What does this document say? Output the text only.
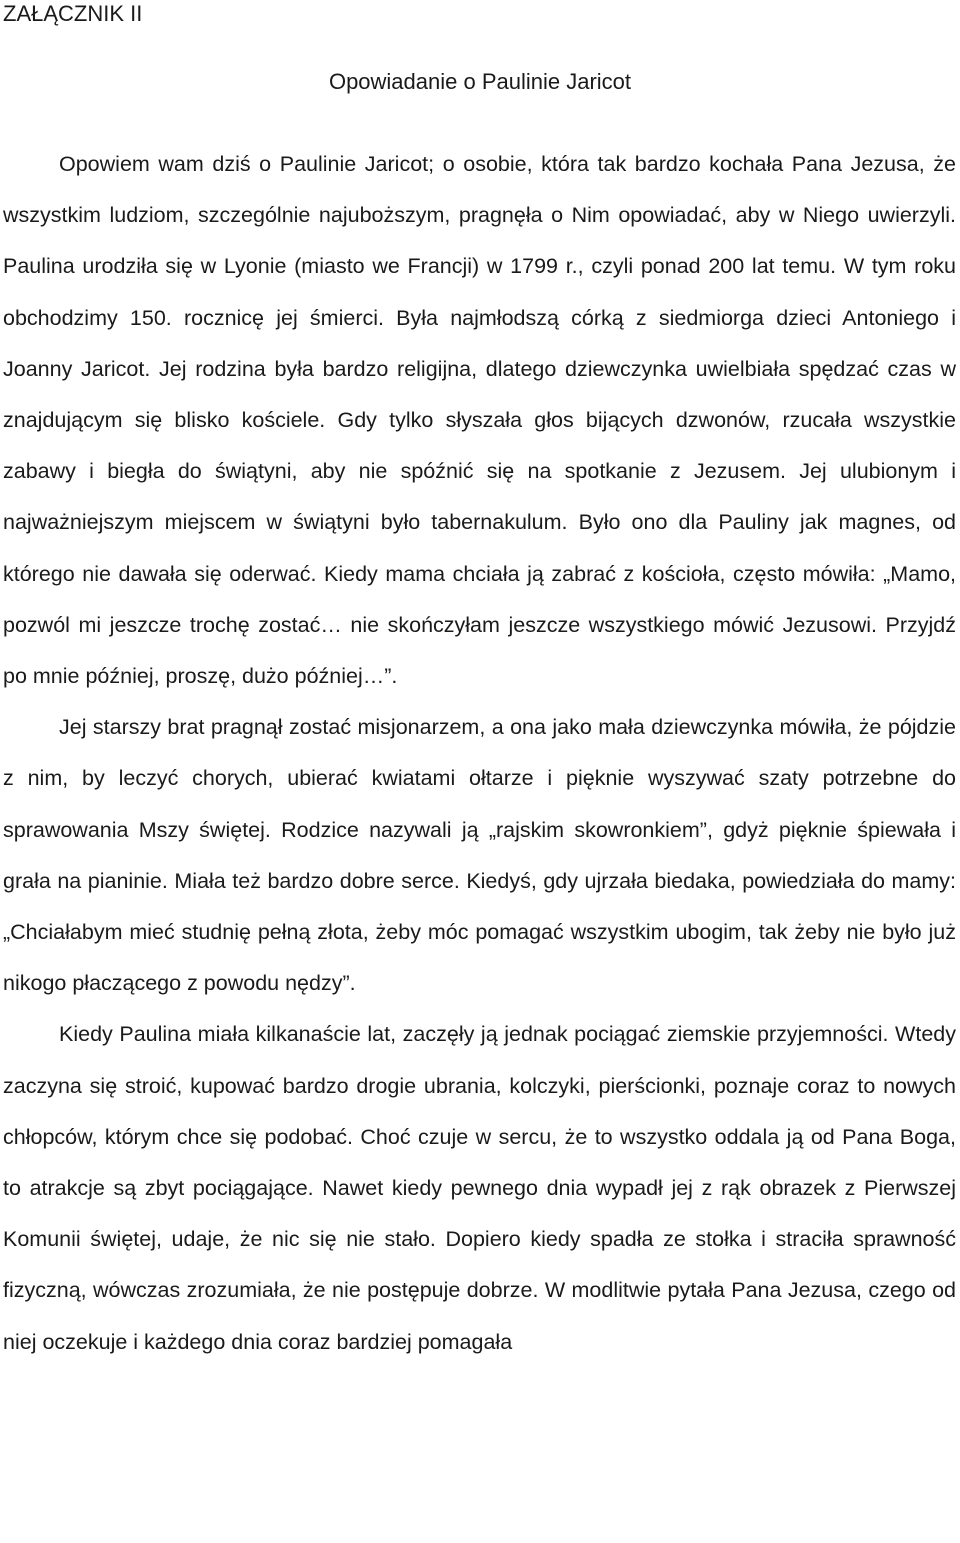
ZAŁĄCZNIK II
Opowiadanie o Paulinie Jaricot

Opowiem wam dziś o Paulinie Jaricot; o osobie, która tak bardzo kochała Pana Jezusa, że wszystkim ludziom, szczególnie najuboższym, pragnęła o Nim opowiadać, aby w Niego uwierzyli. Paulina urodziła się w Lyonie (miasto we Francji) w 1799 r., czyli ponad 200 lat temu. W tym roku obchodzimy 150. rocznicę jej śmierci. Była najmłodszą córką z siedmiorga dzieci Antoniego i Joanny Jaricot. Jej rodzina była bardzo religijna, dlatego dziewczynka uwielbiała spędzać czas w znajdującym się blisko kościele. Gdy tylko słyszała głos bijących dzwonów, rzucała wszystkie zabawy i biegła do świątyni, aby nie spóźnić się na spotkanie z Jezusem. Jej ulubionym i najważniejszym miejscem w świątyni było tabernakulum. Było ono dla Pauliny jak magnes, od którego nie dawała się oderwać. Kiedy mama chciała ją zabrać z kościoła, często mówiła: „Mamo, pozwól mi jeszcze trochę zostać… nie skończyłam jeszcze wszystkiego mówić Jezusowi. Przyjdź po mnie później, proszę, dużo później…”.

Jej starszy brat pragnął zostać misjonarzem, a ona jako mała dziewczynka mówiła, że pójdzie z nim, by leczyć chorych, ubierać kwiatami ołtarze i pięknie wyszywać szaty potrzebne do sprawowania Mszy świętej. Rodzice nazywali ją „rajskim skowronkiem”, gdyż pięknie śpiewała i grała na pianinie. Miała też bardzo dobre serce. Kiedyś, gdy ujrzała biedaka, powiedziała do mamy: „Chciałabym mieć studnię pełną złota, żeby móc pomagać wszystkim ubogim, tak żeby nie było już nikogo płaczącego z powodu nędzy”.

Kiedy Paulina miała kilkanaście lat, zaczęły ją jednak pociągać ziemskie przyjemności. Wtedy zaczyna się stroić, kupować bardzo drogie ubrania, kolczyki, pierścionki, poznaje coraz to nowych chłopców, którym chce się podobać. Choć czuje w sercu, że to wszystko oddala ją od Pana Boga, to atrakcje są zbyt pociągające. Nawet kiedy pewnego dnia wypadł jej z rąk obrazek z Pierwszej Komunii świętej, udaje, że nic się nie stało. Dopiero kiedy spadła ze stołka i straciła sprawność fizyczną, wówczas zrozumiała, że nie postępuje dobrze. W modlitwie pytała Pana Jezusa, czego od niej oczekuje i każdego dnia coraz bardziej pomagała
